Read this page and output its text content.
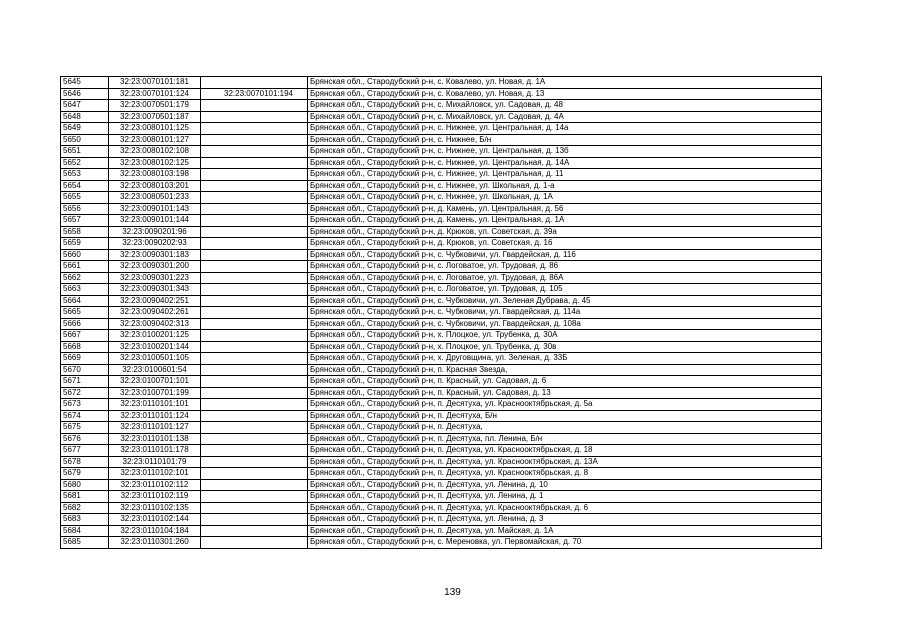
5645	32:23:0070101:181		Брянская обл., Стародубский р-н, с. Ковалево, ул. Новая, д. 1А
5646	32:23:0070101:124	32:23:0070101:194	Брянская обл., Стародубский р-н, с. Ковалево, ул. Новая, д. 13
5647	32:23:0070501:179		Брянская обл., Стародубский р-н, с. Михайловск, ул. Садовая, д. 48
5648	32:23:0070501:187		Брянская обл., Стародубский р-н, с. Михайловск, ул. Садовая, д. 4А
5649	32:23:0080101:125		Брянская обл., Стародубский р-н, с. Нижнее, ул. Центральная, д. 14а
5650	32:23:0080101:127		Брянская обл., Стародубский р-н, с. Нижнее, Б/н
5651	32:23:0080102:108		Брянская обл., Стародубский р-н, с. Нижнее, ул. Центральная, д. 13б
5652	32:23:0080102:125		Брянская обл., Стародубский р-н, с. Нижнее, ул. Центральная, д. 14А
5653	32:23:0080103:198		Брянская обл., Стародубский р-н, с. Нижнее, ул. Центральная, д. 11
5654	32:23:0080103:201		Брянская обл., Стародубский р-н, с. Нижнее, ул. Школьная, д. 1-а
5655	32:23:0080501:233		Брянская обл., Стародубский р-н, с. Нижнее, ул. Школьная, д. 1А
5656	32:23:0090101:143		Брянская обл., Стародубский р-н, д. Камень, ул. Центральная, д. 56
5657	32:23:0090101:144		Брянская обл., Стародубский р-н, д. Камень, ул. Центральная, д. 1А
5658	32:23:0090201:96		Брянская обл., Стародубский р-н, д. Крюков, ул. Советская, д. 39а
5659	32:23:0090202:93		Брянская обл., Стародубский р-н, д. Крюков, ул. Советская, д. 16
5660	32:23:0090301:183		Брянская обл., Стародубский р-н, с. Чубковичи, ул. Гвардейская, д. 116
5661	32:23:0090301:200		Брянская обл., Стародубский р-н, с. Логоватое, ул. Трудовая, д. 86
5662	32:23:0090301:223		Брянская обл., Стародубский р-н, с. Логоватое, ул. Трудовая, д. 86А
5663	32:23:0090301:343		Брянская обл., Стародубский р-н, с. Логоватое, ул. Трудовая, д. 105
5664	32:23:0090402:251		Брянская обл., Стародубский р-н, с. Чубковичи, ул. Зеленая Дубрава, д. 45
5665	32:23:0090402:261		Брянская обл., Стародубский р-н, с. Чубковичи, ул. Гвардейская, д. 114а
5666	32:23:0090402:313		Брянская обл., Стародубский р-н, с. Чубковичи, ул. Гвардейская, д. 108а
5667	32:23:0100201:125		Брянская обл., Стародубский р-н, х. Плоцкое, ул. Трубенка, д. 30А
5668	32:23:0100201:144		Брянская обл., Стародубский р-н, х. Плоцкое, ул. Трубенка, д. 30в
5669	32:23:0100501:105		Брянская обл., Стародубский р-н, х. Друговщина, ул. Зеленая, д. 33Б
5670	32:23:0100601:54		Брянская обл., Стародубский р-н, п. Красная Звезда,
5671	32:23:0100701:101		Брянская обл., Стародубский р-н, п. Красный, ул. Садовая, д. 6
5672	32:23:0100701:199		Брянская обл., Стародубский р-н, п. Красный, ул. Садовая, д. 13
5673	32:23:0110101:101		Брянская обл., Стародубский р-н, п. Десятуха, ул. Краснооктябрьская, д. 5а
5674	32:23:0110101:124		Брянская обл., Стародубский р-н, п. Десятуха, Б/н
5675	32:23:0110101:127		Брянская обл., Стародубский р-н, п. Десятуха,
5676	32:23:0110101:138		Брянская обл., Стародубский р-н, п. Десятуха, пл. Ленина, Б/н
5677	32:23:0110101:178		Брянская обл., Стародубский р-н, п. Десятуха, ул. Краснооктябрьская, д. 18
5678	32:23:0110101:79		Брянская обл., Стародубский р-н, п. Десятуха, ул. Краснооктябрьская, д. 13А
5679	32:23:0110102:101		Брянская обл., Стародубский р-н, п. Десятуха, ул. Краснооктябрьская, д. 8
5680	32:23:0110102:112		Брянская обл., Стародубский р-н, п. Десятуха, ул. Ленина, д. 10
5681	32:23:0110102:119		Брянская обл., Стародубский р-н, п. Десятуха, ул. Ленина, д. 1
5682	32:23:0110102:135		Брянская обл., Стародубский р-н, п. Десятуха, ул. Краснооктябрьская, д. 6
5683	32:23:0110102:144		Брянская обл., Стародубский р-н, п. Десятуха, ул. Ленина, д. 3
5684	32:23:0110104:184		Брянская обл., Стародубский р-н, п. Десятуха, ул. Майская, д. 1А
5685	32:23:0110301:260		Брянская обл., Стародубский р-н, с. Мереновка, ул. Первомайская, д. 70
139
